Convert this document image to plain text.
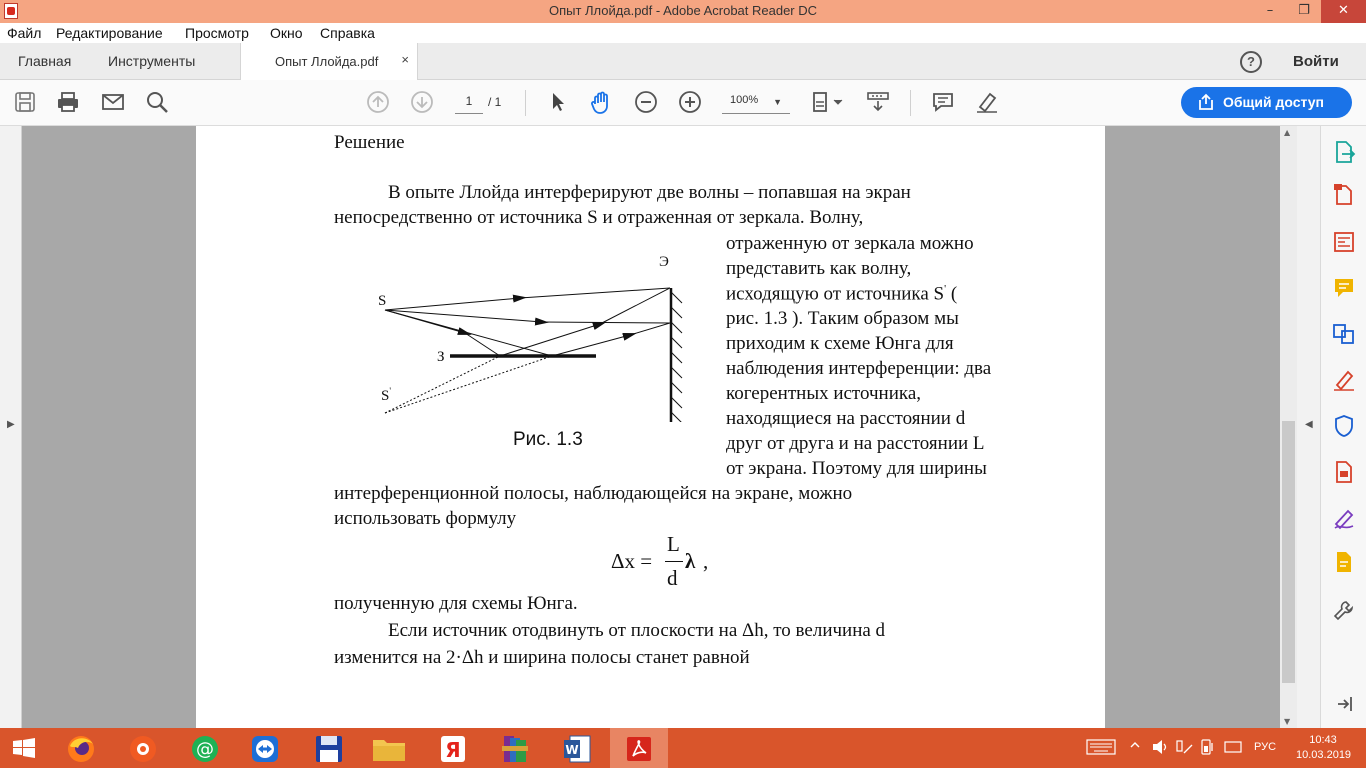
Опыт Ллойда.pdf - Adobe Acrobat Reader DC	–	❐	✕
Файл Редактирование Просмотр Окно Справка
Главная	Инструменты	Опыт Ллойда.pdf ×	?	Войти
1	/ 1	100% ▼	Общий доступ
▶
Решение
В опыте Ллойда интерферируют две волны – попавшая на экран
непосредственно от источника S и отраженная от зеркала. Волну,
отраженную от зеркала можно
представить как волну,
исходящую от источника S' (
рис. 1.3 ). Таким образом мы
приходим к схеме Юнга для
наблюдения интерференции: два
когерентных источника,
находящиеся на расстоянии d
друг от друга и на расстоянии L
от экрана. Поэтому для ширины
интерференционной полосы, наблюдающейся на экране, можно
использовать формулу
полученную для схемы Юнга.
Если источник отодвинуть от плоскости на Δh, то величина d
изменится на 2·Δh и ширина полосы станет равной
▲
▼
◀
S
S'
З
Э
Рис. 1.3
Δx =
L
d
λ ,
@	Я	W	РУС
10:43
10.03.2019
